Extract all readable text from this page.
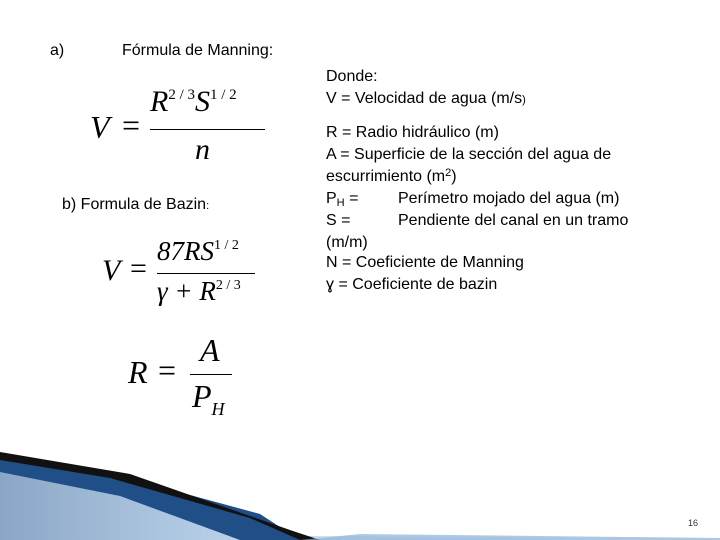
a)	Fórmula de Manning:
V =
R2 / 3S1 / 2
n
b) Formula de Bazin:
V =
87RS1 / 2
γ + R2 / 3
R =
A
PH
Donde:
V = Velocidad de agua (m/s)
R = Radio hidráulico (m)
A = Superficie de la sección del agua de
escurrimiento $(m^2)$
PH = Perímetro mojado del agua (m)
S =	Pendiente del canal en un tramo
(m/m)
N = Coeficiente de Manning
ɣ = Coeficiente de bazin
16
